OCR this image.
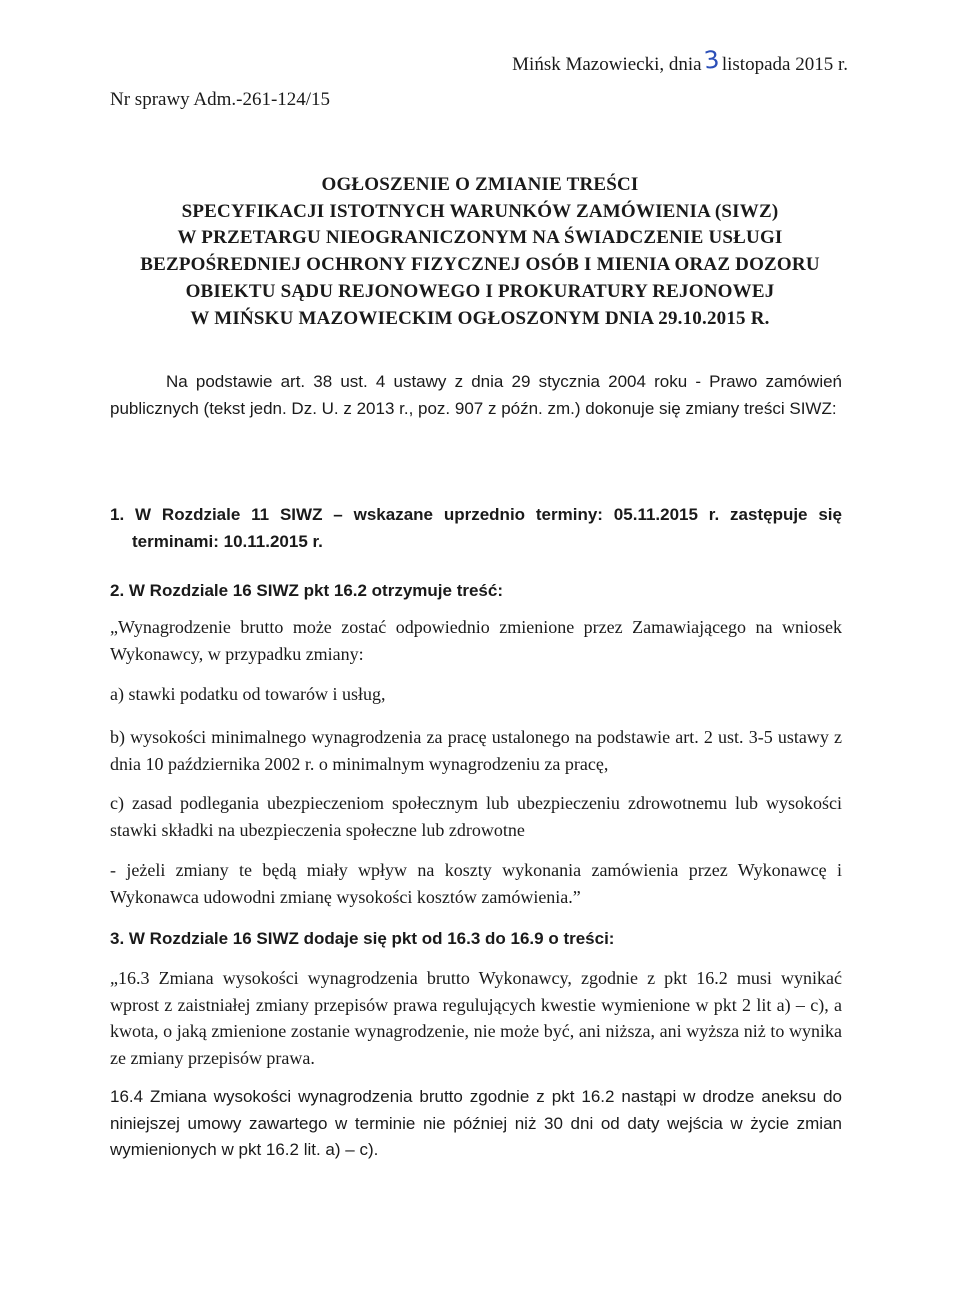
Mińsk Mazowiecki, dnia3listopada 2015 r.
Nr sprawy Adm.-261-124/15
OGŁOSZENIE O ZMIANIE TREŚCI
SPECYFIKACJI ISTOTNYCH WARUNKÓW ZAMÓWIENIA (SIWZ)
W PRZETARGU NIEOGRANICZONYM NA ŚWIADCZENIE USŁUGI
BEZPOŚREDNIEJ OCHRONY FIZYCZNEJ OSÓB I MIENIA ORAZ DOZORU
OBIEKTU SĄDU REJONOWEGO I PROKURATURY REJONOWEJ
W MIŃSKU MAZOWIECKIM OGŁOSZONYM DNIA 29.10.2015 R.

Na podstawie art. 38 ust. 4 ustawy z dnia 29 stycznia 2004 roku - Prawo zamówień publicznych (tekst jedn. Dz. U. z 2013 r., poz. 907 z późn. zm.) dokonuje się zmiany treści SIWZ:

1. W Rozdziale 11 SIWZ – wskazane uprzednio terminy: 05.11.2015 r. zastępuje się terminami: 10.11.2015 r.

2. W Rozdziale 16 SIWZ pkt 16.2 otrzymuje treść:

„Wynagrodzenie brutto może zostać odpowiednio zmienione przez Zamawiającego na wniosek Wykonawcy, w przypadku zmiany:

a) stawki podatku od towarów i usług,

b) wysokości minimalnego wynagrodzenia za pracę ustalonego na podstawie art. 2 ust. 3-5 ustawy z dnia 10 października 2002 r. o minimalnym wynagrodzeniu za pracę,

c) zasad podlegania ubezpieczeniom społecznym lub ubezpieczeniu zdrowotnemu lub wysokości stawki składki na ubezpieczenia społeczne lub zdrowotne

- jeżeli zmiany te będą miały wpływ na koszty wykonania zamówienia przez Wykonawcę i Wykonawca udowodni zmianę wysokości kosztów zamówienia.”

3. W Rozdziale 16 SIWZ dodaje się pkt od 16.3 do 16.9 o treści:

„16.3 Zmiana wysokości wynagrodzenia brutto Wykonawcy, zgodnie z pkt 16.2 musi wynikać wprost z zaistniałej zmiany przepisów prawa regulujących kwestie wymienione w pkt 2 lit a) – c), a kwota, o jaką zmienione zostanie wynagrodzenie, nie może być, ani niższa, ani wyższa niż to wynika ze zmiany przepisów prawa.

16.4 Zmiana wysokości wynagrodzenia brutto zgodnie z pkt 16.2 nastąpi w drodze aneksu do niniejszej umowy zawartego w terminie nie później niż 30 dni od daty wejścia w życie zmian wymienionych w pkt 16.2 lit. a) – c).
